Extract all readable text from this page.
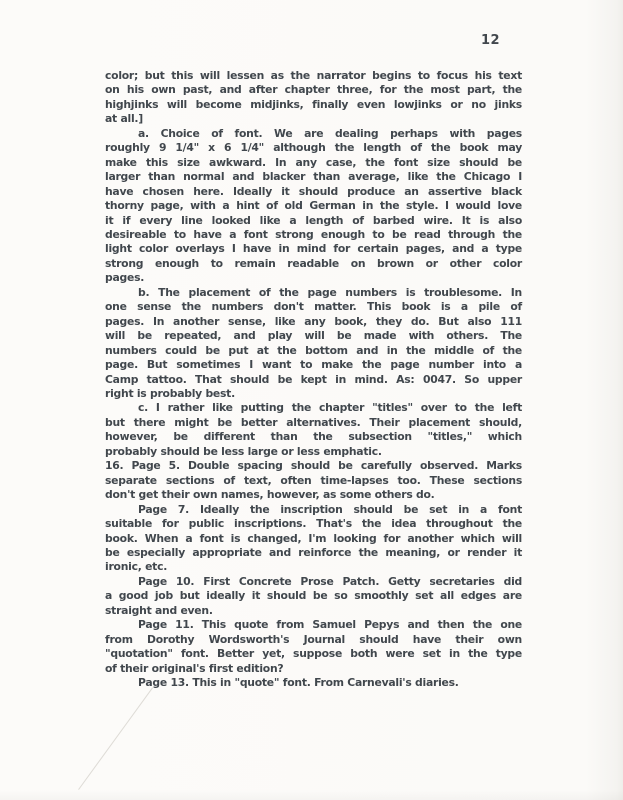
12
color; but this will lessen as the narrator begins to focus his text
on his own past, and after chapter three, for the most part, the
highjinks will become midjinks, finally even lowjinks or no jinks
at all.]
a. Choice of font. We are dealing perhaps with pages
roughly 9 1/4" x 6 1/4" although the length of the book may
make this size awkward. In any case, the font size should be
larger than normal and blacker than average, like the Chicago I
have chosen here. Ideally it should produce an assertive black
thorny page, with a hint of old German in the style. I would love
it if every line looked like a length of barbed wire. It is also
desireable to have a font strong enough to be read through the
light color overlays I have in mind for certain pages, and a type
strong enough to remain readable on brown or other color
pages.
b. The placement of the page numbers is troublesome. In
one sense the numbers don't matter. This book is a pile of
pages. In another sense, like any book, they do. But also 111
will be repeated, and play will be made with others. The
numbers could be put at the bottom and in the middle of the
page. But sometimes I want to make the page number into a
Camp tattoo. That should be kept in mind. As: 0047. So upper
right is probably best.
c. I rather like putting the chapter "titles" over to the left
but there might be better alternatives. Their placement should,
however, be different than the subsection "titles," which
probably should be less large or less emphatic.
16. Page 5. Double spacing should be carefully observed. Marks
separate sections of text, often time-lapses too. These sections
don't get their own names, however, as some others do.
Page 7. Ideally the inscription should be set in a font
suitable for public inscriptions. That's the idea throughout the
book. When a font is changed, I'm looking for another which will
be especially appropriate and reinforce the meaning, or render it
ironic, etc.
Page 10. First Concrete Prose Patch. Getty secretaries did
a good job but ideally it should be so smoothly set all edges are
straight and even.
Page 11. This quote from Samuel Pepys and then the one
from Dorothy Wordsworth's Journal should have their own
"quotation" font. Better yet, suppose both were set in the type
of their original's first edition?
Page 13. This in "quote" font. From Carnevali's diaries.
